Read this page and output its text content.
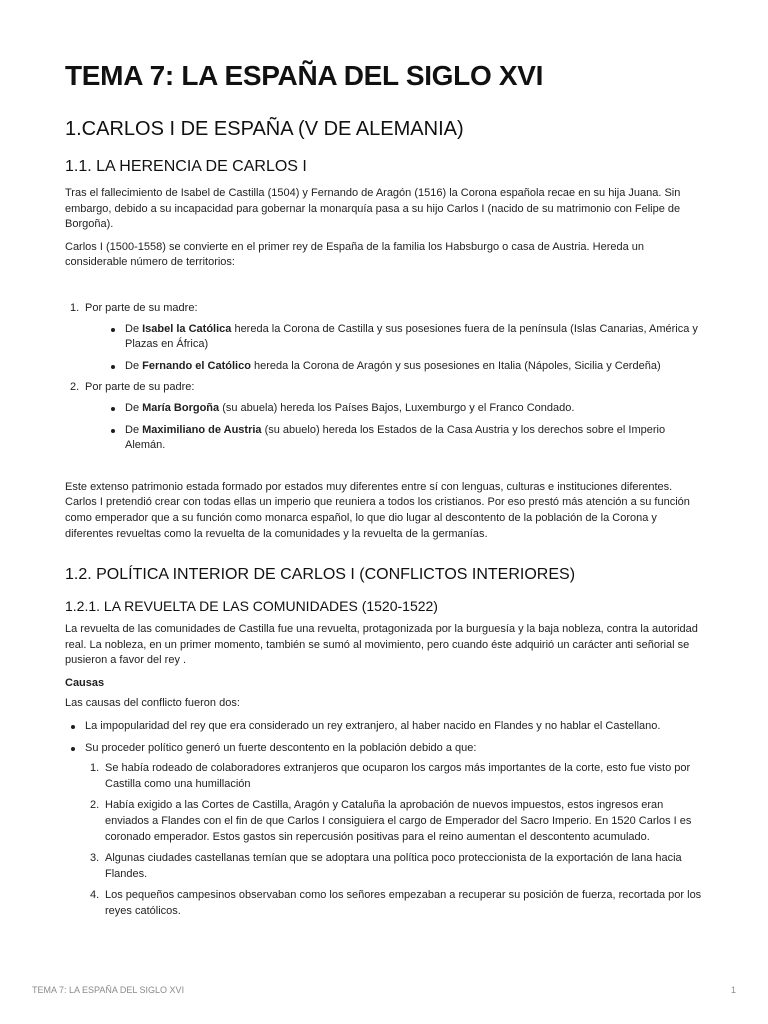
TEMA 7: LA ESPAÑA DEL SIGLO XVI
1.CARLOS I DE ESPAÑA (V DE ALEMANIA)
1.1. LA HERENCIA DE CARLOS I

Tras el fallecimiento de Isabel de Castilla (1504) y Fernando de Aragón (1516) la Corona española recae en su hija Juana. Sin embargo, debido a su incapacidad para gobernar la monarquía pasa a su hijo Carlos I (nacido de su matrimonio con Felipe de Borgoña).

Carlos I (1500-1558) se convierte en el primer rey de España de la familia los Habsburgo o casa de Austria. Hereda un considerable número de territorios:

1. Por parte de su madre:
De Isabel la Católica hereda la Corona de Castilla y sus posesiones fuera de la península (Islas Canarias, América y Plazas en África)
De Fernando el Católico hereda la Corona de Aragón y sus posesiones en Italia (Nápoles, Sicilia y Cerdeña)
2. Por parte de su padre:
De María Borgoña (su abuela) hereda los Países Bajos, Luxemburgo y el Franco Condado.
De Maximiliano de Austria (su abuelo) hereda los Estados de la Casa Austria y los derechos sobre el Imperio Alemán.

Este extenso patrimonio estada formado por estados muy diferentes entre sí con lenguas, culturas e instituciones diferentes. Carlos I pretendió crear con todas ellas un imperio que reuniera a todos los cristianos. Por eso prestó más atención a su función como emperador que a su función como monarca español, lo que dio lugar al descontento de la población de la Corona y diferentes revueltas como la revuelta de la comunidades y la revuelta de la germanías.

1.2. POLÍTICA INTERIOR DE CARLOS I (CONFLICTOS INTERIORES)
1.2.1. LA REVUELTA DE LAS COMUNIDADES (1520-1522)

La revuelta de las comunidades de Castilla fue una revuelta, protagonizada por la burguesía y la baja nobleza, contra la autoridad real. La nobleza, en un primer momento, también se sumó al movimiento, pero cuando éste adquirió un carácter anti señorial se pusieron a favor del rey .

Causas

Las causas del conflicto fueron dos:

La impopularidad del rey que era considerado un rey extranjero, al haber nacido en Flandes y no hablar el Castellano.
Su proceder político generó un fuerte descontento en la población debido a que:
1. Se había rodeado de colaboradores extranjeros que ocuparon los cargos más importantes de la corte, esto fue visto por Castilla como una humillación
2. Había exigido a las Cortes de Castilla, Aragón y Cataluña la aprobación de nuevos impuestos, estos ingresos eran enviados a Flandes con el fin de que Carlos I consiguiera el cargo de Emperador del Sacro Imperio. En 1520 Carlos I es coronado emperador. Estos gastos sin repercusión positivas para el reino aumentan el descontento acumulado.
3. Algunas ciudades castellanas temían que se adoptara una política poco proteccionista de la exportación de lana hacia Flandes.
4. Los pequeños campesinos observaban como los señores empezaban a recuperar su posición de fuerza, recortada por los reyes católicos.
TEMA 7: LA ESPAÑA DEL SIGLO XVI	1
